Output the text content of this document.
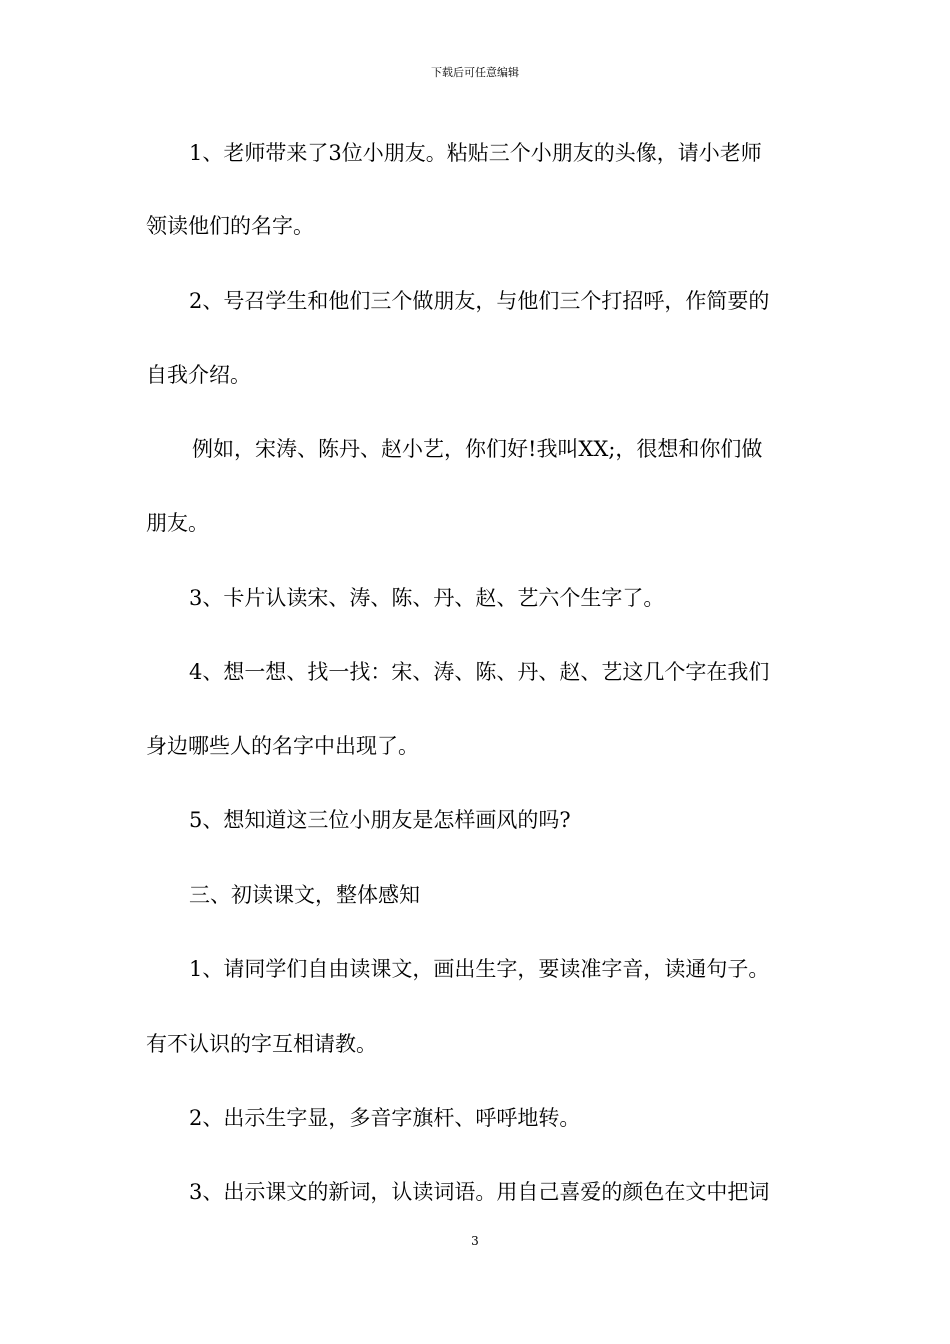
下载后可任意编辑
1、老师带来了3位小朋友。粘贴三个小朋友的头像，请小老师
领读他们的名字。
2、号召学生和他们三个做朋友，与他们三个打招呼，作简要的
自我介绍。
例如，宋涛、陈丹、赵小艺，你们好!我叫XX;，很想和你们做
朋友。
3、卡片认读宋、涛、陈、丹、赵、艺六个生字了。
4、想一想、找一找：宋、涛、陈、丹、赵、艺这几个字在我们
身边哪些人的名字中出现了。
5、想知道这三位小朋友是怎样画风的吗?
三、初读课文，整体感知
1、请同学们自由读课文，画出生字，要读准字音，读通句子。
有不认识的字互相请教。
2、出示生字显，多音字旗杆、呼呼地转。
3、出示课文的新词，认读词语。用自己喜爱的颜色在文中把词
3
